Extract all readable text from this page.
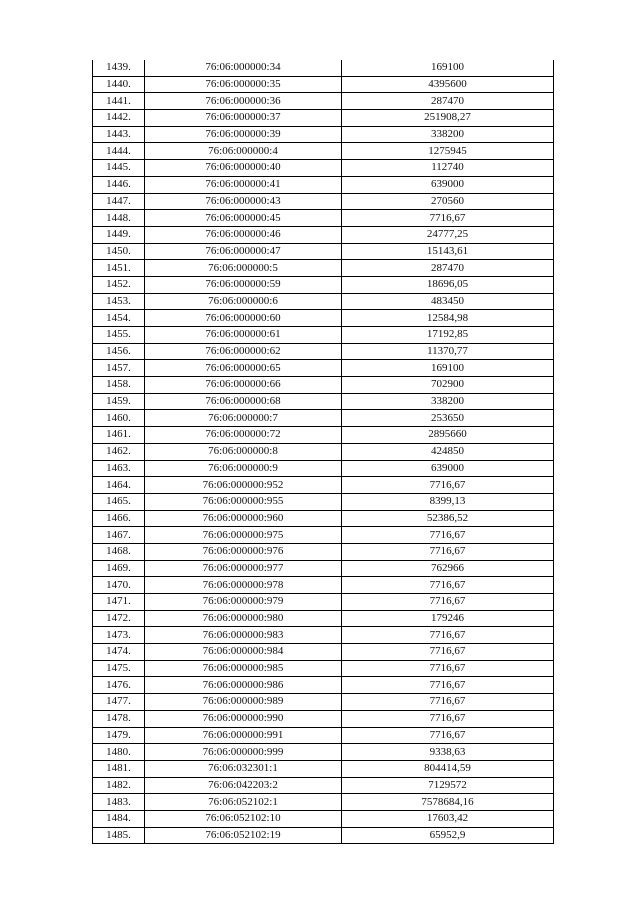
1439.	76:06:000000:34	169100
1440.	76:06:000000:35	4395600
1441.	76:06:000000:36	287470
1442.	76:06:000000:37	251908,27
1443.	76:06:000000:39	338200
1444.	76:06:000000:4	1275945
1445.	76:06:000000:40	112740
1446.	76:06:000000:41	639000
1447.	76:06:000000:43	270560
1448.	76:06:000000:45	7716,67
1449.	76:06:000000:46	24777,25
1450.	76:06:000000:47	15143,61
1451.	76:06:000000:5	287470
1452.	76:06:000000:59	18696,05
1453.	76:06:000000:6	483450
1454.	76:06:000000:60	12584,98
1455.	76:06:000000:61	17192,85
1456.	76:06:000000:62	11370,77
1457.	76:06:000000:65	169100
1458.	76:06:000000:66	702900
1459.	76:06:000000:68	338200
1460.	76:06:000000:7	253650
1461.	76:06:000000:72	2895660
1462.	76:06:000000:8	424850
1463.	76:06:000000:9	639000
1464.	76:06:000000:952	7716,67
1465.	76:06:000000:955	8399,13
1466.	76:06:000000:960	52386,52
1467.	76:06:000000:975	7716,67
1468.	76:06:000000:976	7716,67
1469.	76:06:000000:977	762966
1470.	76:06:000000:978	7716,67
1471.	76:06:000000:979	7716,67
1472.	76:06:000000:980	179246
1473.	76:06:000000:983	7716,67
1474.	76:06:000000:984	7716,67
1475.	76:06:000000:985	7716,67
1476.	76:06:000000:986	7716,67
1477.	76:06:000000:989	7716,67
1478.	76:06:000000:990	7716,67
1479.	76:06:000000:991	7716,67
1480.	76:06:000000:999	9338,63
1481.	76:06:032301:1	804414,59
1482.	76:06:042203:2	7129572
1483.	76:06:052102:1	7578684,16
1484.	76:06:052102:10	17603,42
1485.	76:06:052102:19	65952,9
